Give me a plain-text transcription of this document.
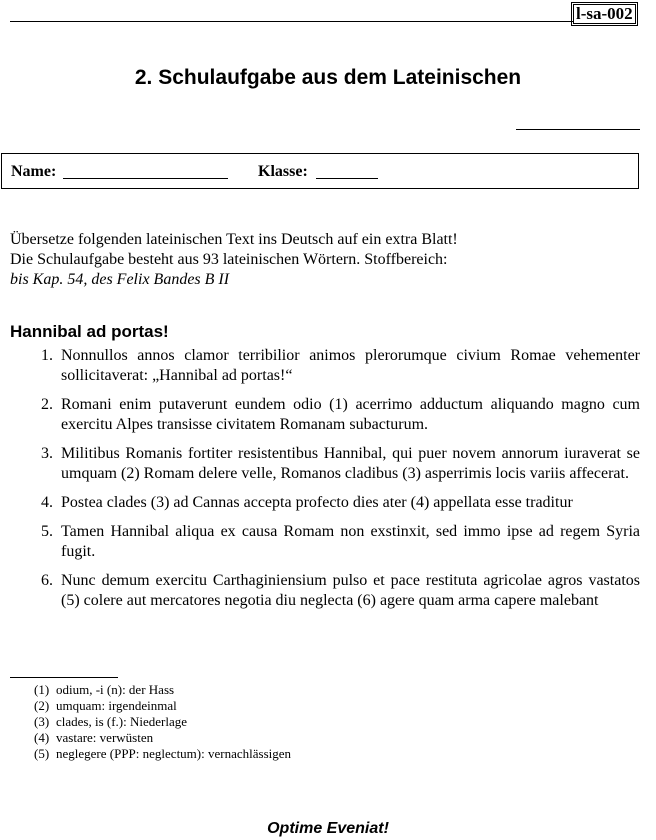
l-sa-002
2. Schulaufgabe aus dem Lateinischen
Name:	Klasse:
Übersetze folgenden lateinischen Text ins Deutsch auf ein extra Blatt!
Die Schulaufgabe besteht aus 93 lateinischen Wörtern. Stoffbereich:
bis Kap. 54, des Felix Bandes B II
Hannibal ad portas!
1. Nonnullos annos clamor terribilior animos plerorumque civium Romae vehementer sollicitaverat: „Hannibal ad portas!“
2. Romani enim putaverunt eundem odio (1) acerrimo adductum aliquando magno cum exercitu Alpes transisse civitatem Romanam subacturum.
3. Militibus Romanis fortiter resistentibus Hannibal, qui puer novem annorum iuraverat se umquam (2) Romam delere velle, Romanos cladibus (3) asperrimis locis variis affecerat.
4. Postea clades (3) ad Cannas accepta profecto dies ater (4) appellata esse traditur
5. Tamen Hannibal aliqua ex causa Romam non exstinxit, sed immo ipse ad regem Syria fugit.
6. Nunc demum exercitu Carthaginiensium pulso et pace restituta agricolae agros vastatos (5) colere aut mercatores negotia diu neglecta (6) agere quam arma capere malebant
(1) odium, -i (n): der Hass
(2) umquam: irgendeinmal
(3) clades, is (f.): Niederlage
(4) vastare: verwüsten
(5) neglegere (PPP: neglectum): vernachlässigen
Optime Eveniat!
